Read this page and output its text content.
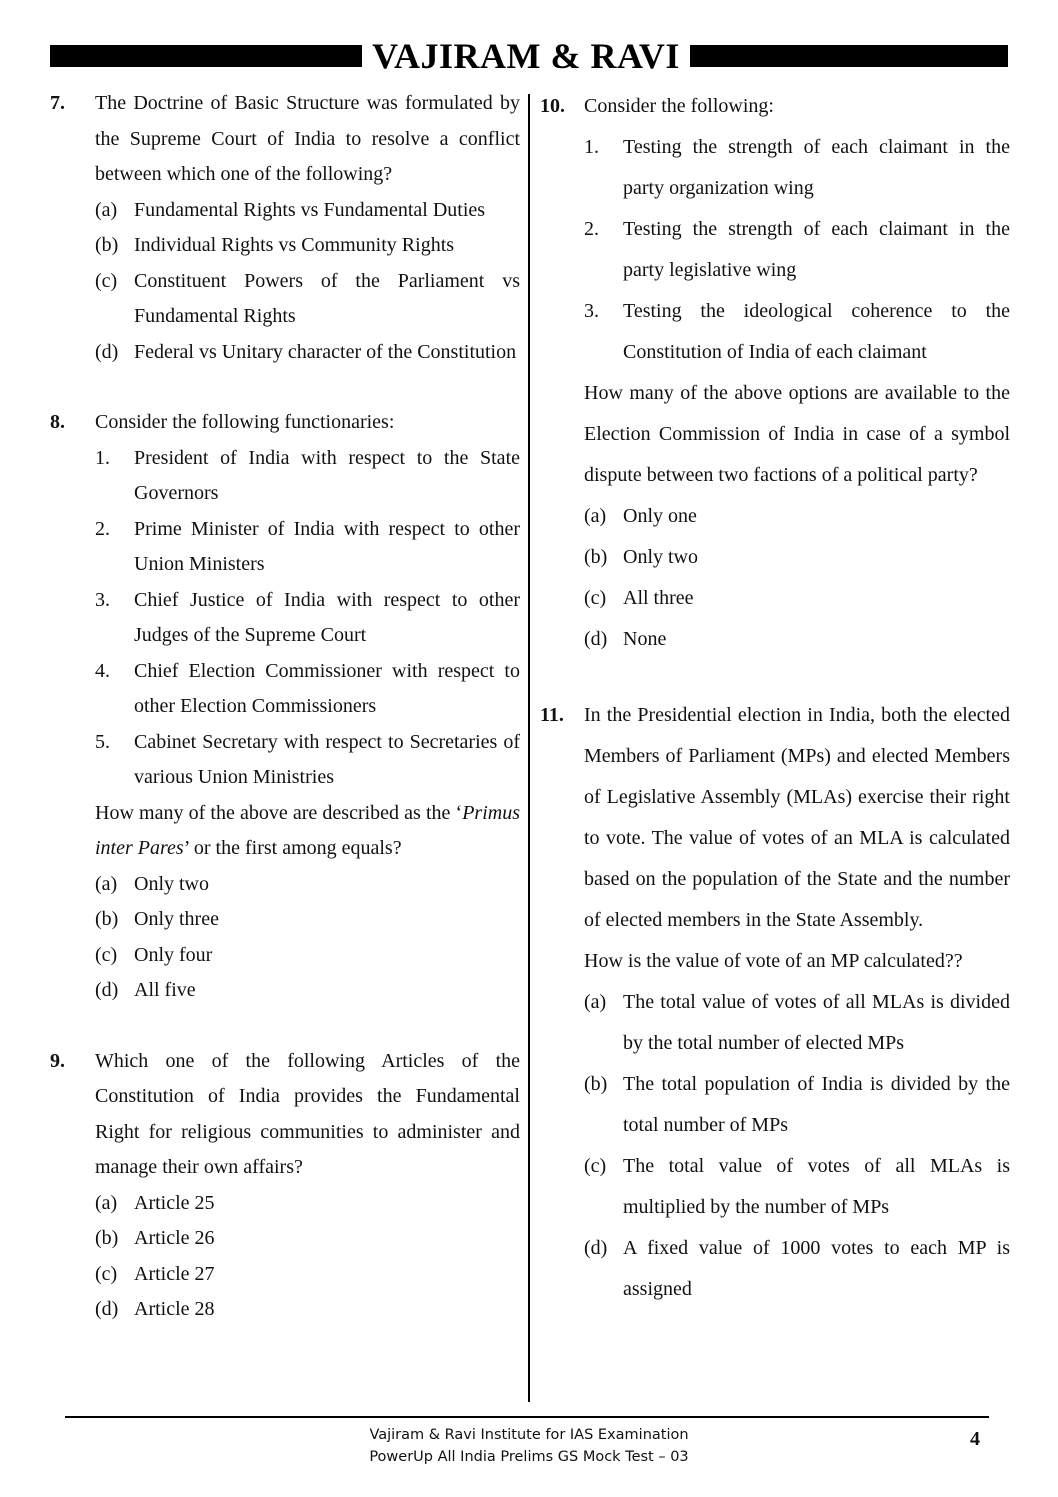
VAJIRAM & RAVI
7. The Doctrine of Basic Structure was formulated by the Supreme Court of India to resolve a conflict between which one of the following?
(a) Fundamental Rights vs Fundamental Duties
(b) Individual Rights vs Community Rights
(c) Constituent Powers of the Parliament vs Fundamental Rights
(d) Federal vs Unitary character of the Constitution
8. Consider the following functionaries:
1. President of India with respect to the State Governors
2. Prime Minister of India with respect to other Union Ministers
3. Chief Justice of India with respect to other Judges of the Supreme Court
4. Chief Election Commissioner with respect to other Election Commissioners
5. Cabinet Secretary with respect to Secretaries of various Union Ministries
How many of the above are described as the ‘Primus inter Pares’ or the first among equals?
(a) Only two
(b) Only three
(c) Only four
(d) All five
9. Which one of the following Articles of the Constitution of India provides the Fundamental Right for religious communities to administer and manage their own affairs?
(a) Article 25
(b) Article 26
(c) Article 27
(d) Article 28
10. Consider the following:
1. Testing the strength of each claimant in the party organization wing
2. Testing the strength of each claimant in the party legislative wing
3. Testing the ideological coherence to the Constitution of India of each claimant
How many of the above options are available to the Election Commission of India in case of a symbol dispute between two factions of a political party?
(a) Only one
(b) Only two
(c) All three
(d) None
11. In the Presidential election in India, both the elected Members of Parliament (MPs) and elected Members of Legislative Assembly (MLAs) exercise their right to vote. The value of votes of an MLA is calculated based on the population of the State and the number of elected members in the State Assembly.
How is the value of vote of an MP calculated??
(a) The total value of votes of all MLAs is divided by the total number of elected MPs
(b) The total population of India is divided by the total number of MPs
(c) The total value of votes of all MLAs is multiplied by the number of MPs
(d) A fixed value of 1000 votes to each MP is assigned
Vajiram & Ravi Institute for IAS Examination
PowerUp All India Prelims GS Mock Test – 03
4
